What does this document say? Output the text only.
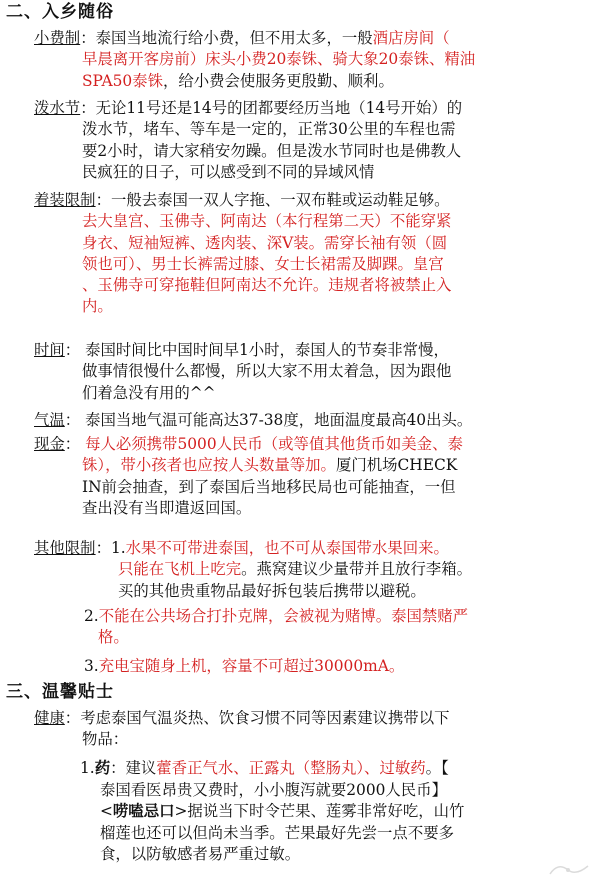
二、入乡随俗
小费制：泰国当地流行给小费，但不用太多，一般酒店房间（
早晨离开客房前）床头小费20泰铢、骑大象20泰铢、精油
SPA50泰铢，给小费会使服务更殷勤、顺利。
泼水节：无论11号还是14号的团都要经历当地（14号开始）的
泼水节，堵车、等车是一定的，正常30公里的车程也需
要2小时，请大家稍安勿躁。但是泼水节同时也是佛教人
民疯狂的日子，可以感受到不同的异域风情
着装限制：一般去泰国一双人字拖、一双布鞋或运动鞋足够。
去大皇宫、玉佛寺、阿南达（本行程第二天）不能穿紧
身衣、短袖短裤、透肉装、深V装。需穿长袖有领（圆
领也可）、男士长裤需过膝、女士长裙需及脚踝。皇宫
、玉佛寺可穿拖鞋但阿南达不允许。违规者将被禁止入
内。
时间： 泰国时间比中国时间早1小时，泰国人的节奏非常慢，
做事情很慢什么都慢，所以大家不用太着急，因为跟他
们着急没有用的^^
气温： 泰国当地气温可能高达37-38度，地面温度最高40出头。
现金： 每人必须携带5000人民币（或等值其他货币如美金、泰
铢），带小孩者也应按人头数量等加。厦门机场CHECK
IN前会抽查，到了泰国后当地移民局也可能抽查，一但
查出没有当即遣返回国。
其他限制：1.水果不可带进泰国，也不可从泰国带水果回来。
只能在飞机上吃完。燕窝建议少量带并且放行李箱。
买的其他贵重物品最好拆包装后携带以避税。
2.不能在公共场合打扑克牌，会被视为赌博。泰国禁赌严
格。
3.充电宝随身上机，容量不可超过30000mA。
三、温馨贴士
健康：考虑泰国气温炎热、饮食习惯不同等因素建议携带以下
物品：
1.药：建议藿香正气水、正露丸（整肠丸）、过敏药。【
泰国看医昂贵又费时，小小腹泻就要2000人民币】
<唠嗑忌口>据说当下时令芒果、莲雾非常好吃，山竹
榴莲也还可以但尚未当季。芒果最好先尝一点不要多
食，以防敏感者易严重过敏。
